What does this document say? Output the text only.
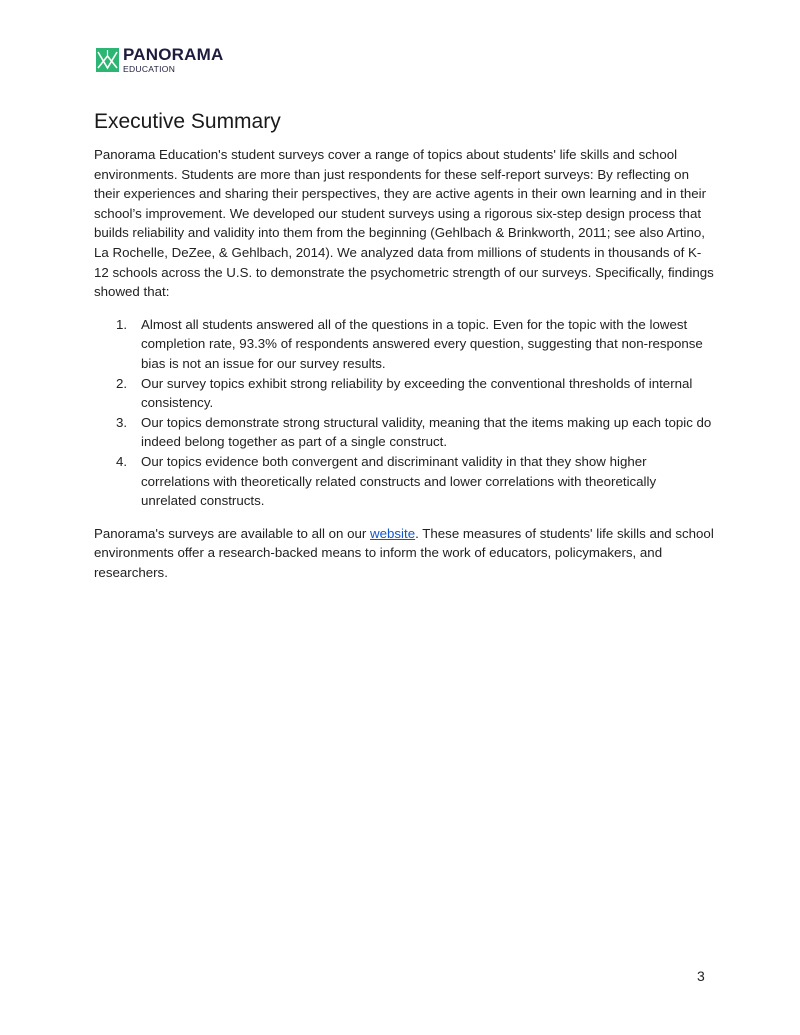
PANORAMA
EDUCATION
Executive Summary

Panorama Education's student surveys cover a range of topics about students' life skills and school environments. Students are more than just respondents for these self-report surveys: By reflecting on their experiences and sharing their perspectives, they are active agents in their own learning and in their school’s improvement. We developed our student surveys using a rigorous six-step design process that builds reliability and validity into them from the beginning (Gehlbach & Brinkworth, 2011; see also Artino, La Rochelle, DeZee, & Gehlbach, 2014). We analyzed data from millions of students in thousands of K-12 schools across the U.S. to demonstrate the psychometric strength of our surveys. Specifically, findings showed that:

1. Almost all students answered all of the questions in a topic. Even for the topic with the lowest completion rate, 93.3% of respondents answered every question, suggesting that non-response bias is not an issue for our survey results.
2. Our survey topics exhibit strong reliability by exceeding the conventional thresholds of internal consistency.
3. Our topics demonstrate strong structural validity, meaning that the items making up each topic do indeed belong together as part of a single construct.
4. Our topics evidence both convergent and discriminant validity in that they show higher correlations with theoretically related constructs and lower correlations with theoretically unrelated constructs.

Panorama's surveys are available to all on our website. These measures of students' life skills and school environments offer a research-backed means to inform the work of educators, policymakers, and researchers.

3
